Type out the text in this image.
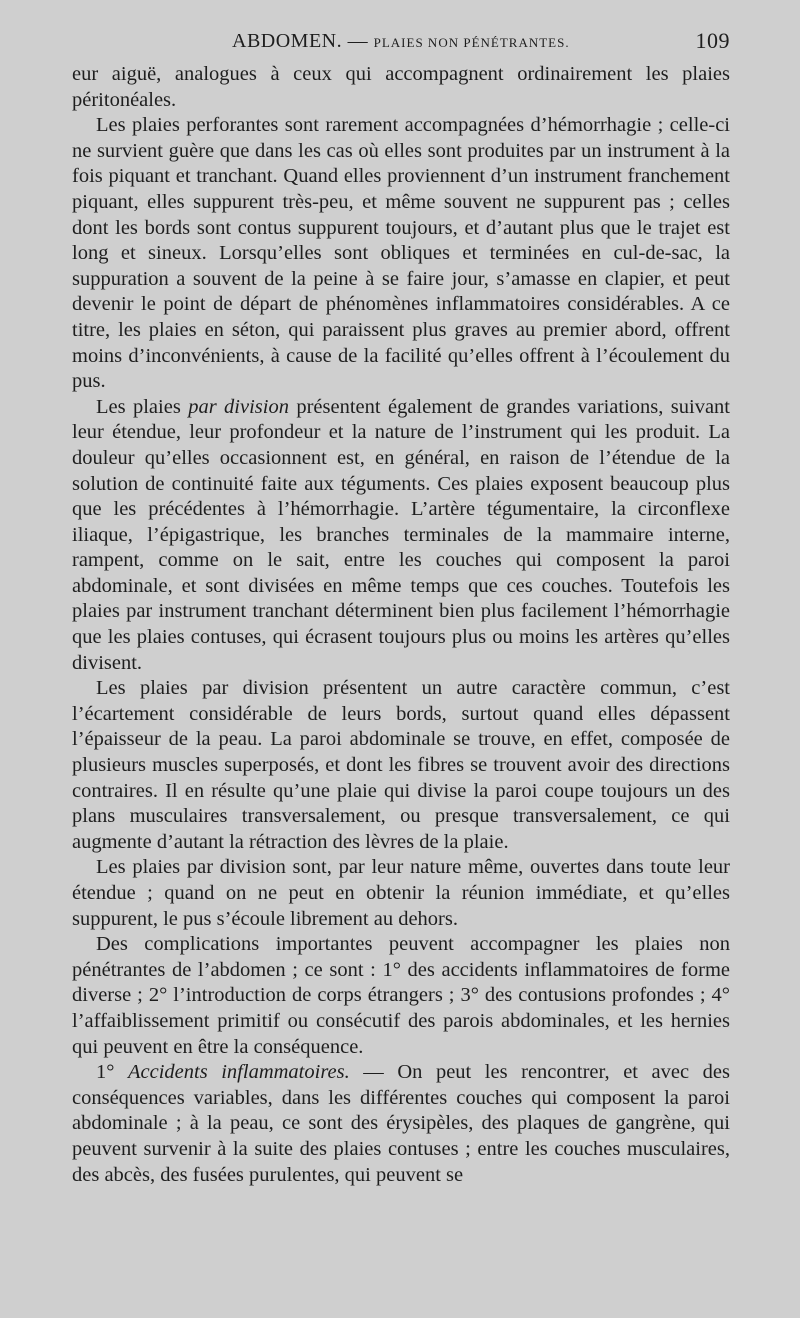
ABDOMEN. — PLAIES NON PÉNÉTRANTES.	109

eur aiguë, analogues à ceux qui accompagnent ordinairement les plaies péritonéales.

Les plaies perforantes sont rarement accompagnées d’hémorrhagie ; celle-ci ne survient guère que dans les cas où elles sont produites par un instrument à la fois piquant et tranchant. Quand elles proviennent d’un instrument franchement piquant, elles suppurent très-peu, et même souvent ne suppurent pas ; celles dont les bords sont contus suppurent toujours, et d’autant plus que le trajet est long et sineux. Lorsqu’elles sont obliques et terminées en cul-de-sac, la suppuration a souvent de la peine à se faire jour, s’amasse en clapier, et peut devenir le point de départ de phénomènes inflammatoires considérables. A ce titre, les plaies en séton, qui paraissent plus graves au premier abord, offrent moins d’inconvénients, à cause de la facilité qu’elles offrent à l’écoulement du pus.

Les plaies par division présentent également de grandes variations, suivant leur étendue, leur profondeur et la nature de l’instrument qui les produit. La douleur qu’elles occasionnent est, en général, en raison de l’étendue de la solution de continuité faite aux téguments. Ces plaies exposent beaucoup plus que les précédentes à l’hémorrhagie. L’artère tégumentaire, la circonflexe iliaque, l’épigastrique, les branches terminales de la mammaire interne, rampent, comme on le sait, entre les couches qui composent la paroi abdominale, et sont divisées en même temps que ces couches. Toutefois les plaies par instrument tranchant déterminent bien plus facilement l’hémorrhagie que les plaies contuses, qui écrasent toujours plus ou moins les artères qu’elles divisent.

Les plaies par division présentent un autre caractère commun, c’est l’écartement considérable de leurs bords, surtout quand elles dépassent l’épaisseur de la peau. La paroi abdominale se trouve, en effet, composée de plusieurs muscles superposés, et dont les fibres se trouvent avoir des directions contraires. Il en résulte qu’une plaie qui divise la paroi coupe toujours un des plans musculaires transversalement, ou presque transversalement, ce qui augmente d’autant la rétraction des lèvres de la plaie.

Les plaies par division sont, par leur nature même, ouvertes dans toute leur étendue ; quand on ne peut en obtenir la réunion immédiate, et qu’elles suppurent, le pus s’écoule librement au dehors.

Des complications importantes peuvent accompagner les plaies non pénétrantes de l’abdomen ; ce sont : 1° des accidents inflammatoires de forme diverse ; 2° l’introduction de corps étrangers ; 3° des contusions profondes ; 4° l’affaiblissement primitif ou consécutif des parois abdominales, et les hernies qui peuvent en être la conséquence.

1° Accidents inflammatoires. — On peut les rencontrer, et avec des conséquences variables, dans les différentes couches qui composent la paroi abdominale ; à la peau, ce sont des érysipèles, des plaques de gangrène, qui peuvent survenir à la suite des plaies contuses ; entre les couches musculaires, des abcès, des fusées purulentes, qui peuvent se
